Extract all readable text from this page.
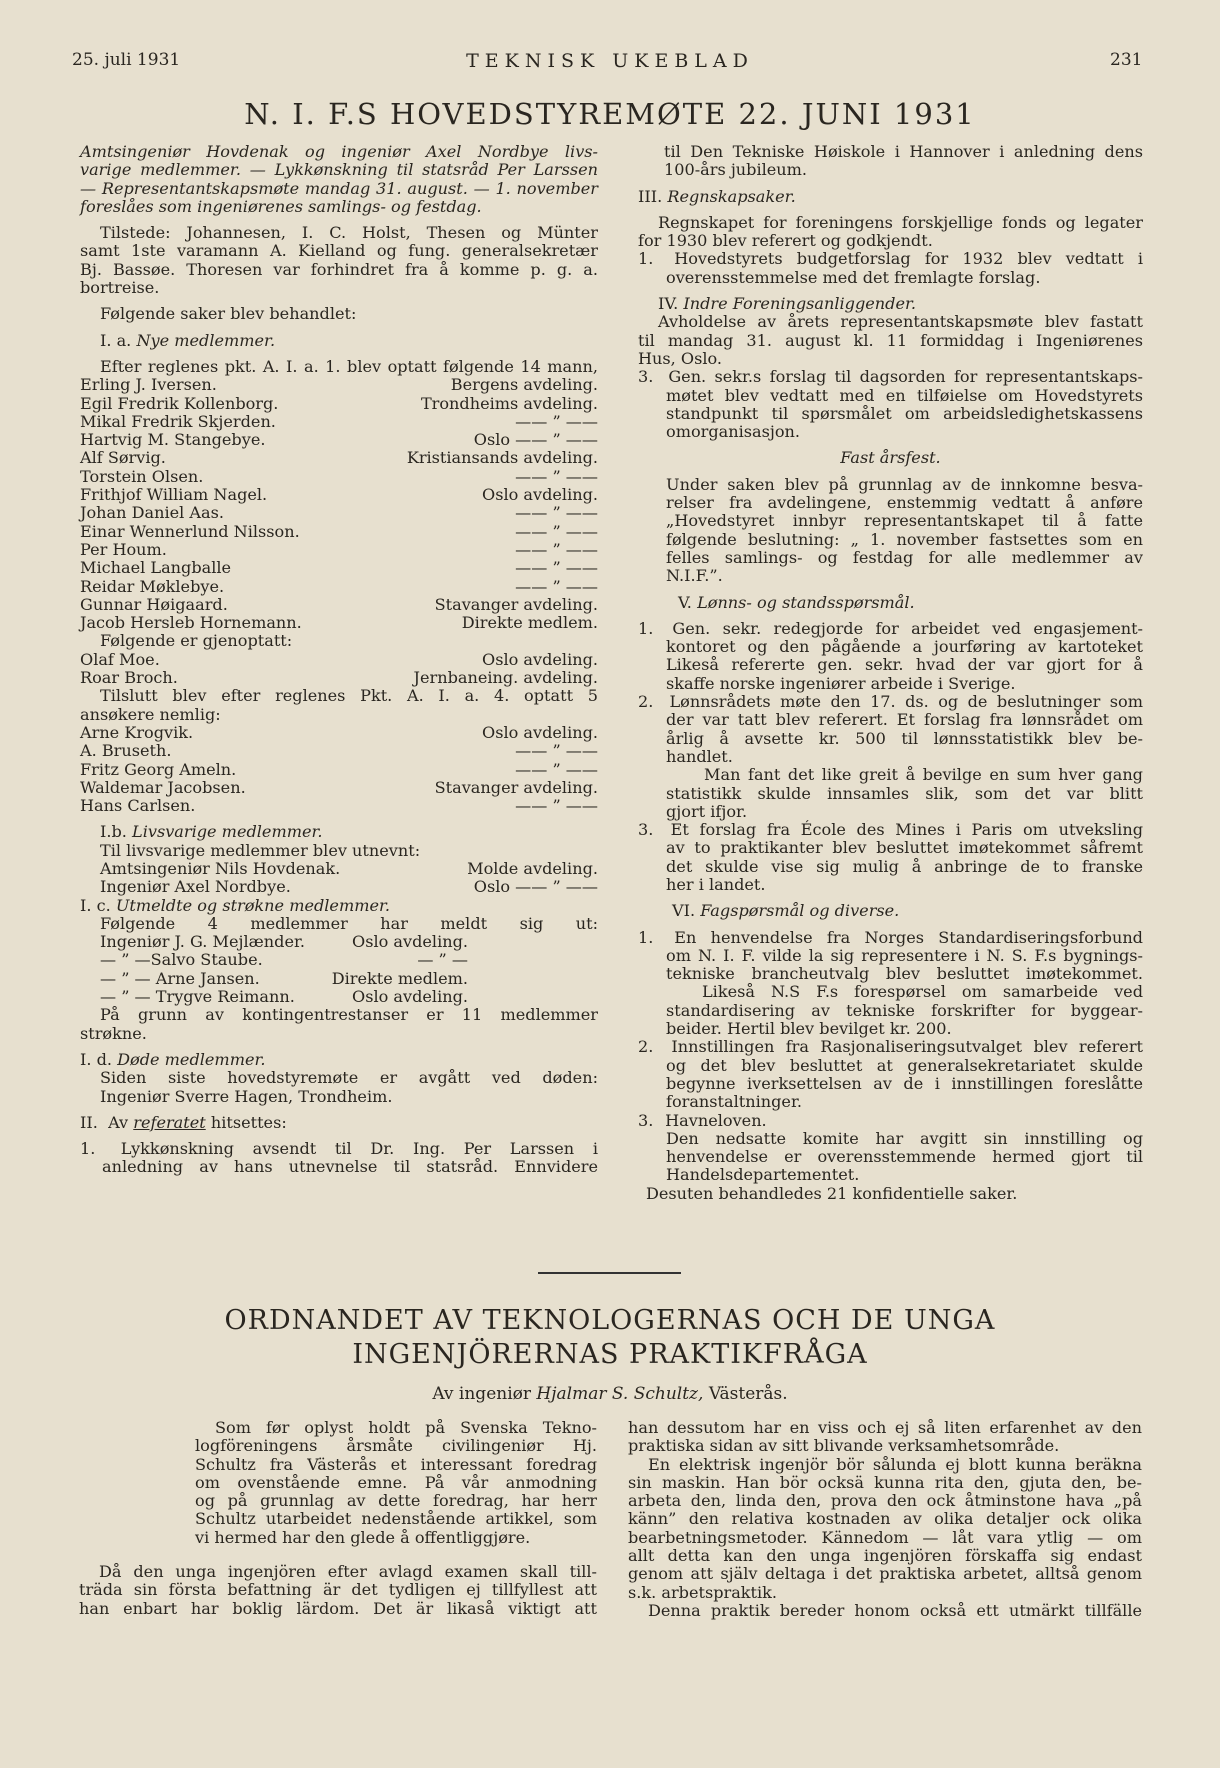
25. juli 1931	TEKNISK UKEBLAD	231
N. I. F.S HOVEDSTYREMØTE 22. JUNI 1931

Amtsingeniør Hovdenak og ingeniør Axel Nordbye livs-

varige medlemmer. — Lykkønskning til statsråd Per Larssen

— Representantskapsmøte mandag 31. august. — 1. november

foreslåes som ingeniørenes samlings- og festdag.

Tilstede: Johannesen, I. C. Holst, Thesen og Münter

samt 1ste varamann A. Kielland og fung. generalsekretær

Bj. Bassøe. Thoresen var forhindret fra å komme p. g. a.

bortreise.

Følgende saker blev behandlet:

I. a. Nye medlemmer.

Efter reglenes pkt. A. I. a. 1. blev optatt følgende 14 mann,

Erling J. Iversen.	Bergens avdeling.
Egil Fredrik Kollenborg.	Trondheims avdeling.
Mikal Fredrik Skjerden.	—— ” ——
Hartvig M. Stangebye.	Oslo —— ” ——
Alf Sørvig.	Kristiansands avdeling.
Torstein Olsen.	—— ” ——
Frithjof William Nagel.	Oslo avdeling.
Johan Daniel Aas.	—— ” ——
Einar Wennerlund Nilsson.	—— ” ——
Per Houm.	—— ” ——
Michael Langballe	—— ” ——
Reidar Møklebye.	—— ” ——
Gunnar Høigaard.	Stavanger avdeling.
Jacob Hersleb Hornemann.	Direkte medlem.

Følgende er gjenoptatt:

Olaf Moe.	Oslo avdeling.
Roar Broch.	Jernbaneing. avdeling.

Tilslutt blev efter reglenes Pkt. A. I. a. 4. optatt 5

ansøkere nemlig:

Arne Krogvik.	Oslo avdeling.
A. Bruseth.	—— ” ——
Fritz Georg Ameln.	—— ” ——
Waldemar Jacobsen.	Stavanger avdeling.
Hans Carlsen.	—— ” ——

I.b. Livsvarige medlemmer.

Til livsvarige medlemmer blev utnevnt:

Amtsingeniør Nils Hovdenak.	Molde avdeling.
Ingeniør Axel Nordbye.	Oslo —— ” ——

I. c. Utmeldte og strøkne medlemmer.

Følgende 4 medlemmer har meldt sig ut:

Ingeniør J. G. Mejlænder.	Oslo avdeling.
— ” —Salvo Staube.	— ” —
— ” — Arne Jansen.	Direkte medlem.
— ” — Trygve Reimann.	Oslo avdeling.

På grunn av kontingentrestanser er 11 medlemmer

strøkne.

I. d. Døde medlemmer.

Siden siste hovedstyremøte er avgått ved døden:

Ingeniør Sverre Hagen, Trondheim.

II. Av referatet hitsettes:

1. Lykkønskning avsendt til Dr. Ing. Per Larssen i

anledning av hans utnevnelse til statsråd. Ennvidere

til Den Tekniske Høiskole i Hannover i anledning dens

100-års jubileum.

III. Regnskapsaker.

Regnskapet for foreningens forskjellige fonds og legater

for 1930 blev referert og godkjendt.

1. Hovedstyrets budgetforslag for 1932 blev vedtatt i

overensstemmelse med det fremlagte forslag.

IV. Indre Foreningsanliggender.

Avholdelse av årets representantskapsmøte blev fastatt

til mandag 31. august kl. 11 formiddag i Ingeniørenes

Hus, Oslo.

3. Gen. sekr.s forslag til dagsorden for representantskaps-

møtet blev vedtatt med en tilføielse om Hovedstyrets

standpunkt til spørsmålet om arbeidsledighetskassens

omorganisasjon.

Fast årsfest.

Under saken blev på grunnlag av de innkomne besva-

relser fra avdelingene, enstemmig vedtatt å anføre

„Hovedstyret innbyr representantskapet til å fatte

følgende beslutning: „ 1. november fastsettes som en

felles samlings- og festdag for alle medlemmer av

N.I.F.”.

V. Lønns- og standsspørsmål.

1. Gen. sekr. redegjorde for arbeidet ved engasjement-

kontoret og den pågående a jourføring av kartoteket

Likeså refererte gen. sekr. hvad der var gjort for å

skaffe norske ingeniører arbeide i Sverige.

2. Lønnsrådets møte den 17. ds. og de beslutninger som

der var tatt blev referert. Et forslag fra lønnsrådet om

årlig å avsette kr. 500 til lønnsstatistikk blev be-

handlet.

Man fant det like greit å bevilge en sum hver gang

statistikk skulde innsamles slik, som det var blitt

gjort ifjor.

3. Et forslag fra École des Mines i Paris om utveksling

av to praktikanter blev besluttet imøtekommet såfremt

det skulde vise sig mulig å anbringe de to franske

her i landet.

VI. Fagspørsmål og diverse.

1. En henvendelse fra Norges Standardiseringsforbund

om N. I. F. vilde la sig representere i N. S. F.s bygnings-

tekniske brancheutvalg blev besluttet imøtekommet.

Likeså N.S F.s forespørsel om samarbeide ved

standardisering av tekniske forskrifter for byggear-

beider. Hertil blev bevilget kr. 200.

2. Innstillingen fra Rasjonaliseringsutvalget blev referert

og det blev besluttet at generalsekretariatet skulde

begynne iverksettelsen av de i innstillingen foreslåtte

foranstaltninger.

3. Havneloven.

Den nedsatte komite har avgitt sin innstilling og

henvendelse er overensstemmende hermed gjort til

Handelsdepartementet.

Desuten behandledes 21 konfidentielle saker.

ORDNANDET AV TEKNOLOGERNAS OCH DE UNGA
INGENJÖRERNAS PRAKTIKFRÅGA
Av ingeniør Hjalmar S. Schultz, Västerås.

Som før oplyst holdt på Svenska Tekno-

logföreningens årsmåte civilingeniør Hj.

Schultz fra Västerås et interessant foredrag

om ovenstående emne. På vår anmodning

og på grunnlag av dette foredrag, har herr

Schultz utarbeidet nedenstående artikkel, som

vi hermed har den glede å offentliggjøre.

Då den unga ingenjören efter avlagd examen skall till-

träda sin första befattning är det tydligen ej tillfyllest att

han enbart har boklig lärdom. Det är likaså viktigt att

han dessutom har en viss och ej så liten erfarenhet av den

praktiska sidan av sitt blivande verksamhetsområde.

En elektrisk ingenjör bör sålunda ej blott kunna beräkna

sin maskin. Han bör ocksä kunna rita den, gjuta den, be-

arbeta den, linda den, prova den ock åtminstone hava „på

känn” den relativa kostnaden av olika detaljer ock olika

bearbetningsmetoder. Kännedom — låt vara ytlig — om

allt detta kan den unga ingenjören förskaffa sig endast

genom att själv deltaga i det praktiska arbetet, alltså genom

s.k. arbetspraktik.

Denna praktik bereder honom också ett utmärkt tillfälle
